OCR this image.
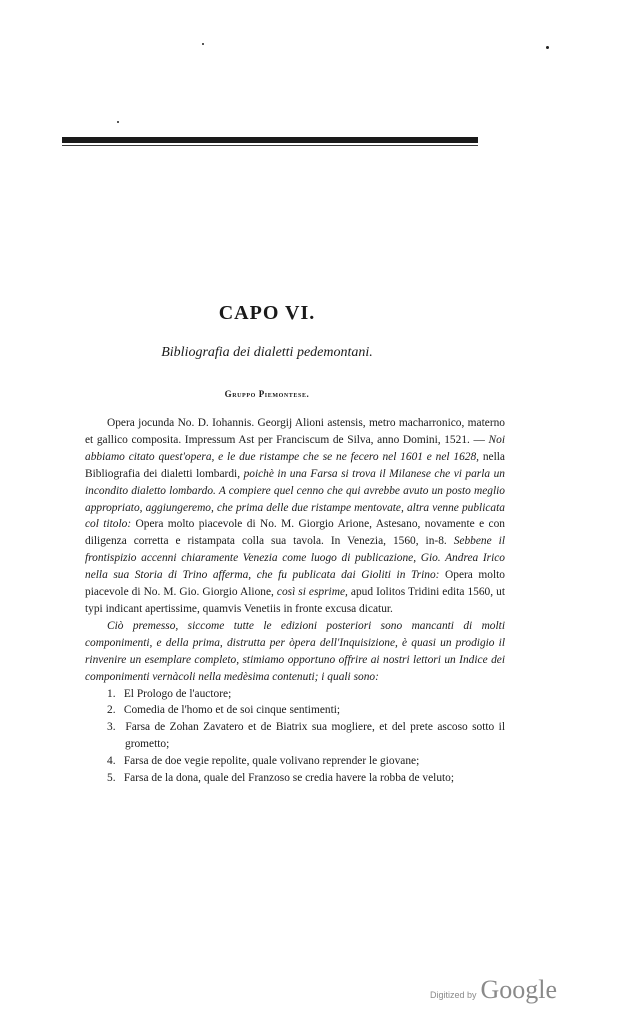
CAPO VI.
Bibliografia dei dialetti pedemontani.
Gruppo Piemontese.

Opera jocunda No. D. Iohannis. Georgij Alioni astensis, metro macharronico, materno et gallico composita. Impressum Ast per Franciscum de Silva, anno Domini, 1521. — Noi abbiamo citato quest'opera, e le due ristampe che se ne fecero nel 1601 e nel 1628, nella Bibliografia dei dialetti lombardi, poichè in una Farsa si trova il Milanese che vi parla un incondito dialetto lombardo. A compiere quel cenno che qui avrebbe avuto un posto meglio appropriato, aggiungeremo, che prima delle due ristampe mentovate, altra venne publicata col titolo: Opera molto piacevole di No. M. Giorgio Arione, Astesano, novamente e con diligenza corretta e ristampata colla sua tavola. In Venezia, 1560, in-8. Sebbene il frontispizio accenni chiaramente Venezia come luogo di publicazione, Gio. Andrea Irico nella sua Storia di Trino afferma, che fu publicata dai Gioliti in Trino: Opera molto piacevole di No. M. Gio. Giorgio Alione, così si esprime, apud Iolitos Tridini edita 1560, ut typi indicant apertissime, quamvis Venetiis in fronte excusa dicatur.

Ciò premesso, siccome tutte le edizioni posteriori sono mancanti di molti componimenti, e della prima, distrutta per òpera dell'Inquisizione, è quasi un prodigio il rinvenire un esemplare completo, stimiamo opportuno offrire ai nostri lettori un Indice dei componimenti vernàcoli nella medèsima contenuti; i quali sono:

1. El Prologo de l'auctore;
2. Comedia de l'homo et de soi cinque sentimenti;
3. Farsa de Zohan Zavatero et de Biatrix sua mogliere, et del prete ascoso sotto il grometto;
4. Farsa de doe vegie repolite, quale volivano reprender le giovane;
5. Farsa de la dona, quale del Franzoso se credia havere la robba de veluto;
Digitized by Google
